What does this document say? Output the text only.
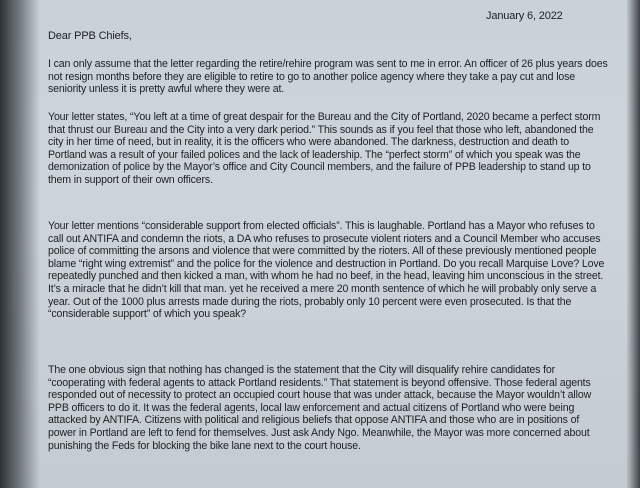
January 6, 2022
Dear PPB Chiefs,

I can only assume that the letter regarding the retire/rehire program was sent to me in error. An officer of 26 plus years does not resign months before they are eligible to retire to go to another police agency where they take a pay cut and lose seniority unless it is pretty awful where they were at.

Your letter states, “You left at a time of great despair for the Bureau and the City of Portland, 2020 became a perfect storm that thrust our Bureau and the City into a very dark period.” This sounds as if you feel that those who left, abandoned the city in her time of need, but in reality, it is the officers who were abandoned. The darkness, destruction and death to Portland was a result of your failed polices and the lack of leadership. The “perfect storm” of which you speak was the demonization of police by the Mayor’s office and City Council members, and the failure of PPB leadership to stand up to them in support of their own officers.

Your letter mentions “considerable support from elected officials”. This is laughable. Portland has a Mayor who refuses to call out ANTIFA and condemn the riots, a DA who refuses to prosecute violent rioters and a Council Member who accuses police of committing the arsons and violence that were committed by the rioters. All of these previously mentioned people blame “right wing extremist” and the police for the violence and destruction in Portland. Do you recall Marquise Love? Love repeatedly punched and then kicked a man, with whom he had no beef, in the head, leaving him unconscious in the street. It’s a miracle that he didn’t kill that man. yet he received a mere 20 month sentence of which he will probably only serve a year. Out of the 1000 plus arrests made during the riots, probably only 10 percent were even prosecuted. Is that the “considerable support” of which you speak?

The one obvious sign that nothing has changed is the statement that the City will disqualify rehire candidates for “cooperating with federal agents to attack Portland residents.” That statement is beyond offensive. Those federal agents responded out of necessity to protect an occupied court house that was under attack, because the Mayor wouldn’t allow PPB officers to do it. It was the federal agents, local law enforcement and actual citizens of Portland who were being attacked by ANTIFA. Citizens with political and religious beliefs that oppose ANTIFA and those who are in positions of power in Portland are left to fend for themselves. Just ask Andy Ngo. Meanwhile, the Mayor was more concerned about punishing the Feds for blocking the bike lane next to the court house.
